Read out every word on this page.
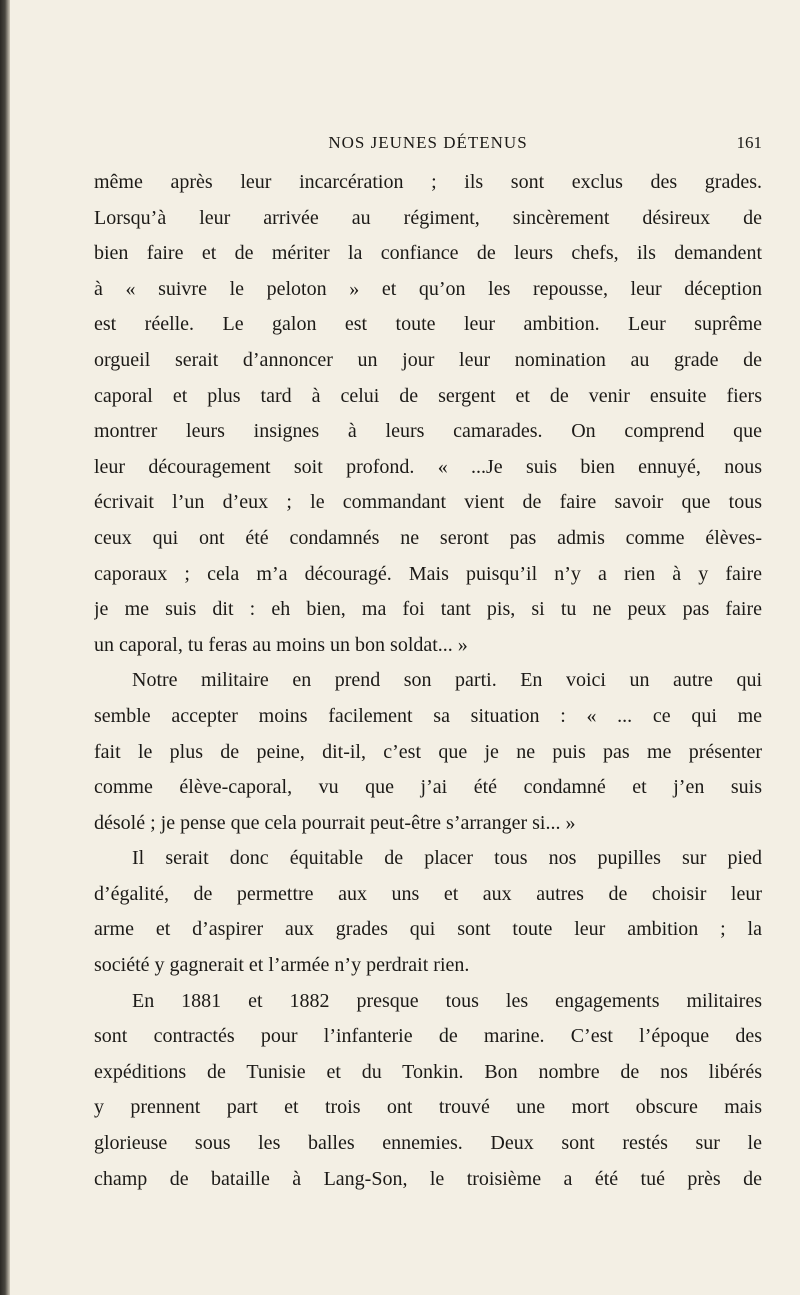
NOS JEUNES DÉTENUS	161
même après leur incarcération ; ils sont exclus des grades.
Lorsqu’à leur arrivée au régiment, sincèrement désireux de
bien faire et de mériter la confiance de leurs chefs, ils demandent
à « suivre le peloton » et qu’on les repousse, leur déception
est réelle. Le galon est toute leur ambition. Leur suprême
orgueil serait d’annoncer un jour leur nomination au grade de
caporal et plus tard à celui de sergent et de venir ensuite fiers
montrer leurs insignes à leurs camarades. On comprend que
leur découragement soit profond. « ...Je suis bien ennuyé, nous
écrivait l’un d’eux ; le commandant vient de faire savoir que tous
ceux qui ont été condamnés ne seront pas admis comme élèves-
caporaux ; cela m’a découragé. Mais puisqu’il n’y a rien à y faire
je me suis dit : eh bien, ma foi tant pis, si tu ne peux pas faire
un caporal, tu feras au moins un bon soldat... »
Notre militaire en prend son parti. En voici un autre qui
semble accepter moins facilement sa situation : « ... ce qui me
fait le plus de peine, dit-il, c’est que je ne puis pas me présenter
comme élève-caporal, vu que j’ai été condamné et j’en suis
désolé ; je pense que cela pourrait peut-être s’arranger si... »
Il serait donc équitable de placer tous nos pupilles sur pied
d’égalité, de permettre aux uns et aux autres de choisir leur
arme et d’aspirer aux grades qui sont toute leur ambition ; la
société y gagnerait et l’armée n’y perdrait rien.
En 1881 et 1882 presque tous les engagements militaires
sont contractés pour l’infanterie de marine. C’est l’époque des
expéditions de Tunisie et du Tonkin. Bon nombre de nos libérés
y prennent part et trois ont trouvé une mort obscure mais
glorieuse sous les balles ennemies. Deux sont restés sur le
champ de bataille à Lang-Son, le troisième a été tué près de
